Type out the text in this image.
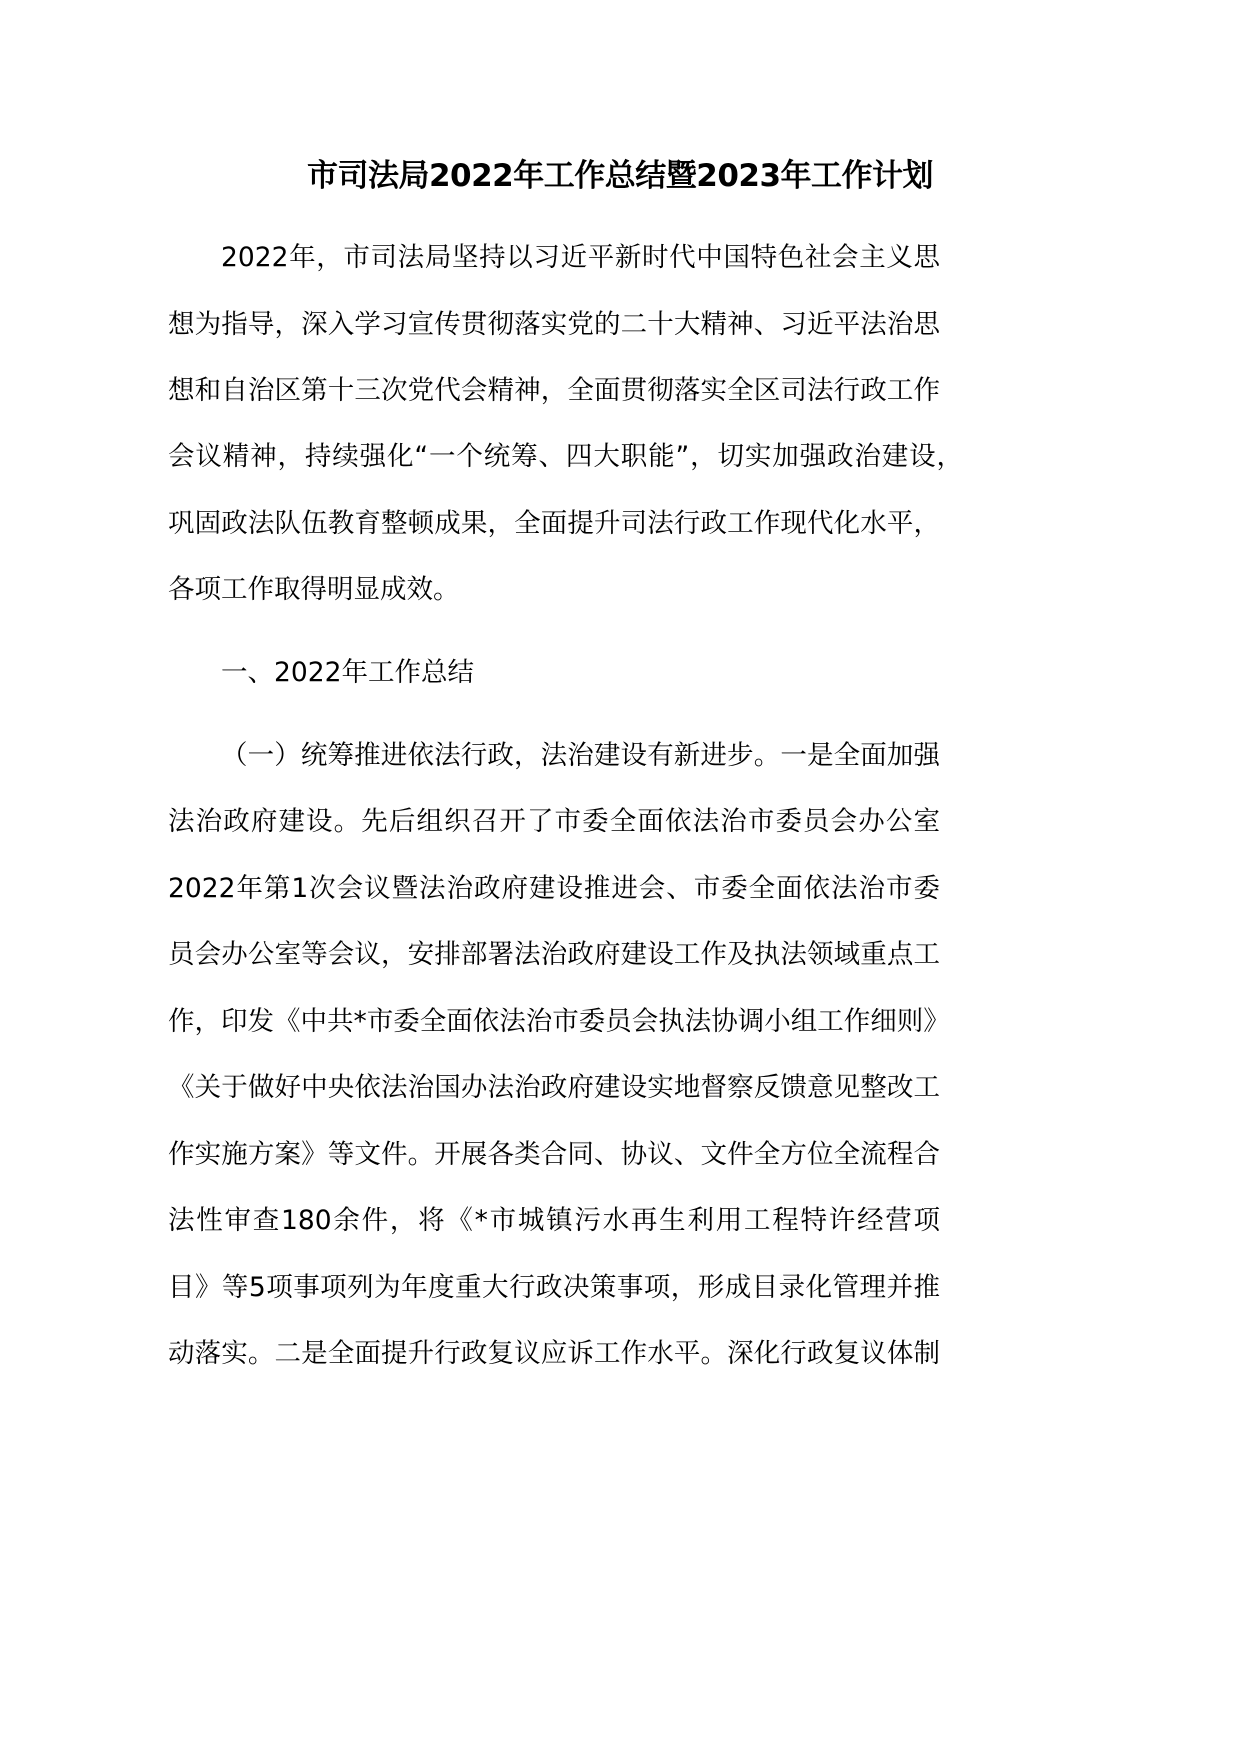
市司法局2022年工作总结暨2023年工作计划
2022年，市司法局坚持以习近平新时代中国特色社会主义思
想为指导，深入学习宣传贯彻落实党的二十大精神、习近平法治思
想和自治区第十三次党代会精神，全面贯彻落实全区司法行政工作
会议精神，持续强化“一个统筹、四大职能”，切实加强政治建设，
巩固政法队伍教育整顿成果，全面提升司法行政工作现代化水平，
各项工作取得明显成效。
一、2022年工作总结
（一）统筹推进依法行政，法治建设有新进步。一是全面加强
法治政府建设。先后组织召开了市委全面依法治市委员会办公室
2022年第1次会议暨法治政府建设推进会、市委全面依法治市委
员会办公室等会议，安排部署法治政府建设工作及执法领域重点工
作，印发《中共*市委全面依法治市委员会执法协调小组工作细则》
《关于做好中央依法治国办法治政府建设实地督察反馈意见整改工
作实施方案》等文件。开展各类合同、协议、文件全方位全流程合
法性审查180余件，将《*市城镇污水再生利用工程特许经营项
目》等5项事项列为年度重大行政决策事项，形成目录化管理并推
动落实。二是全面提升行政复议应诉工作水平。深化行政复议体制
